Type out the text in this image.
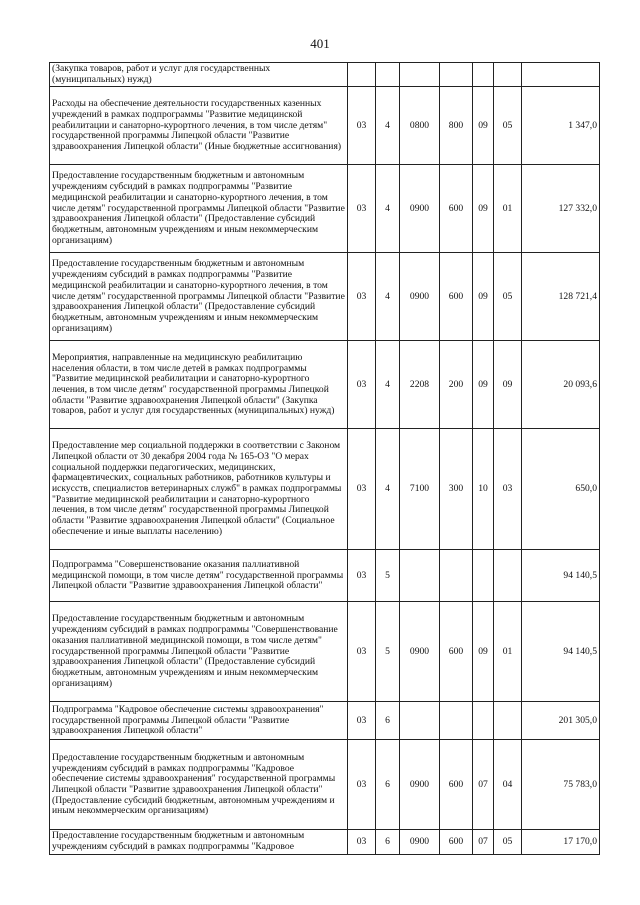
401
(Закупка товаров, работ и услуг для государственных (муниципальных) нужд)							
Расходы на обеспечение деятельности государственных казенных учреждений в рамках подпрограммы "Развитие медицинской реабилитации и санаторно-курортного лечения, в том числе детям" государственной программы Липецкой области "Развитие здравоохранения Липецкой области" (Иные бюджетные ассигнования)	03	4	0800	800	09	05	1 347,0
Предоставление государственным бюджетным и автономным учреждениям субсидий в рамках подпрограммы "Развитие медицинской реабилитации и санаторно-курортного лечения, в том числе детям" государственной программы Липецкой области "Развитие здравоохранения Липецкой области" (Предоставление субсидий бюджетным, автономным учреждениям и иным некоммерческим организациям)	03	4	0900	600	09	01	127 332,0
Предоставление государственным бюджетным и автономным учреждениям субсидий в рамках подпрограммы "Развитие медицинской реабилитации и санаторно-курортного лечения, в том числе детям" государственной программы Липецкой области "Развитие здравоохранения Липецкой области" (Предоставление субсидий бюджетным, автономным учреждениям и иным некоммерческим организациям)	03	4	0900	600	09	05	128 721,4
Мероприятия, направленные на медицинскую реабилитацию населения области, в том числе детей в рамках подпрограммы "Развитие медицинской реабилитации и санаторно-курортного лечения, в том числе детям" государственной программы Липецкой области "Развитие здравоохранения Липецкой области" (Закупка товаров, работ и услуг для государственных (муниципальных) нужд)	03	4	2208	200	09	09	20 093,6
Предоставление мер социальной поддержки в соответствии с Законом Липецкой области от 30 декабря 2004 года № 165-ОЗ "О мерах социальной поддержки педагогических, медицинских, фармацевтических, социальных работников, работников культуры и искусств, специалистов ветеринарных служб" в рамках подпрограммы "Развитие медицинской реабилитации и санаторно-курортного лечения, в том числе детям" государственной программы Липецкой области "Развитие здравоохранения Липецкой области" (Социальное обеспечение и иные выплаты населению)	03	4	7100	300	10	03	650,0
Подпрограмма "Совершенствование оказания паллиативной медицинской помощи, в том числе детям" государственной программы Липецкой области "Развитие здравоохранения Липецкой области"	03	5					94 140,5
Предоставление государственным бюджетным и автономным учреждениям субсидий в рамках подпрограммы "Совершенствование оказания паллиативной медицинской помощи, в том числе детям" государственной программы Липецкой области "Развитие здравоохранения Липецкой области" (Предоставление субсидий бюджетным, автономным учреждениям и иным некоммерческим организациям)	03	5	0900	600	09	01	94 140,5
Подпрограмма "Кадровое обеспечение системы здравоохранения" государственной программы Липецкой области "Развитие здравоохранения Липецкой области"	03	6					201 305,0
Предоставление государственным бюджетным и автономным учреждениям субсидий в рамках подпрограммы "Кадровое обеспечение системы здравоохранения" государственной программы Липецкой области "Развитие здравоохранения Липецкой области" (Предоставление субсидий бюджетным, автономным учреждениям и иным некоммерческим организациям)	03	6	0900	600	07	04	75 783,0
Предоставление государственным бюджетным и автономным учреждениям субсидий в рамках подпрограммы "Кадровое	03	6	0900	600	07	05	17 170,0
